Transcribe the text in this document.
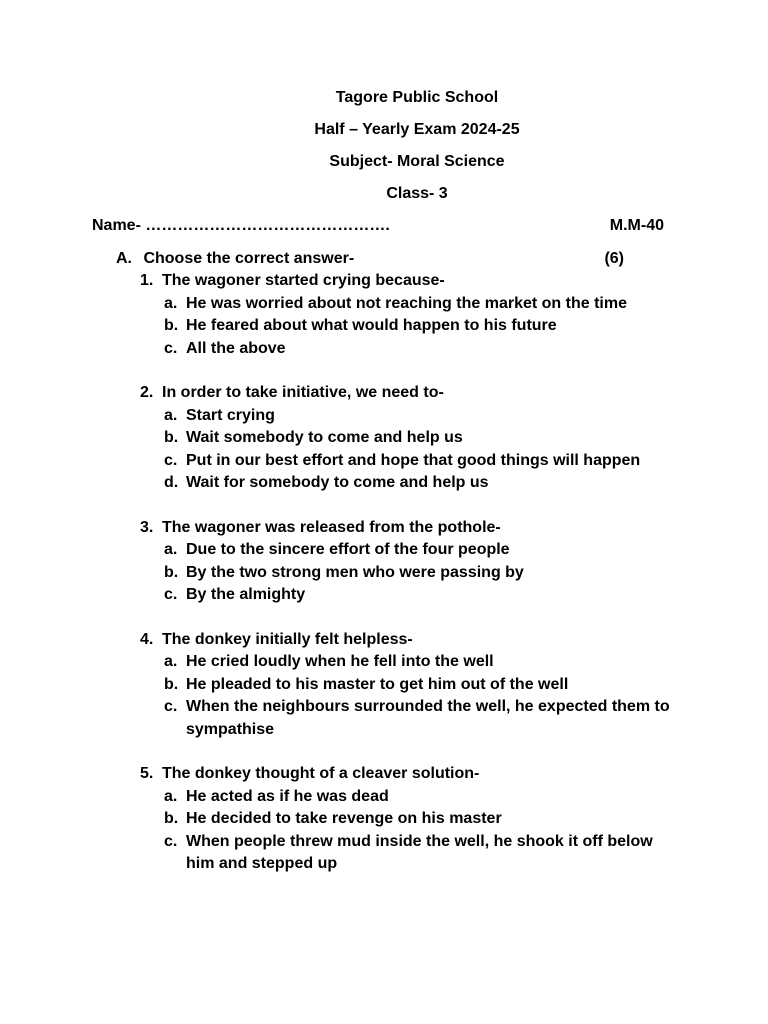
Tagore Public School
Half – Yearly Exam 2024-25
Subject- Moral Science
Class- 3
Name- ……………………………………….	M.M-40
A. Choose the correct answer-	(6)
1. The wagoner started crying because-
a. He was worried about not reaching the market on the time
b. He feared about what would happen to his future
c. All the above
2. In order to take initiative, we need to-
a. Start crying
b. Wait somebody to come and help us
c. Put in our best effort and hope that good things will happen
d. Wait for somebody to come and help us
3. The wagoner was released from the pothole-
a. Due to the sincere effort of the four people
b. By the two strong men who were passing by
c. By the almighty
4. The donkey initially felt helpless-
a. He cried loudly when he fell into the well
b. He pleaded to his master to get him out of the well
c. When the neighbours surrounded the well, he expected them to sympathise
5. The donkey thought of a cleaver solution-
a. He acted as if he was dead
b. He decided to take revenge on his master
c. When people threw mud inside the well, he shook it off below him and stepped up
